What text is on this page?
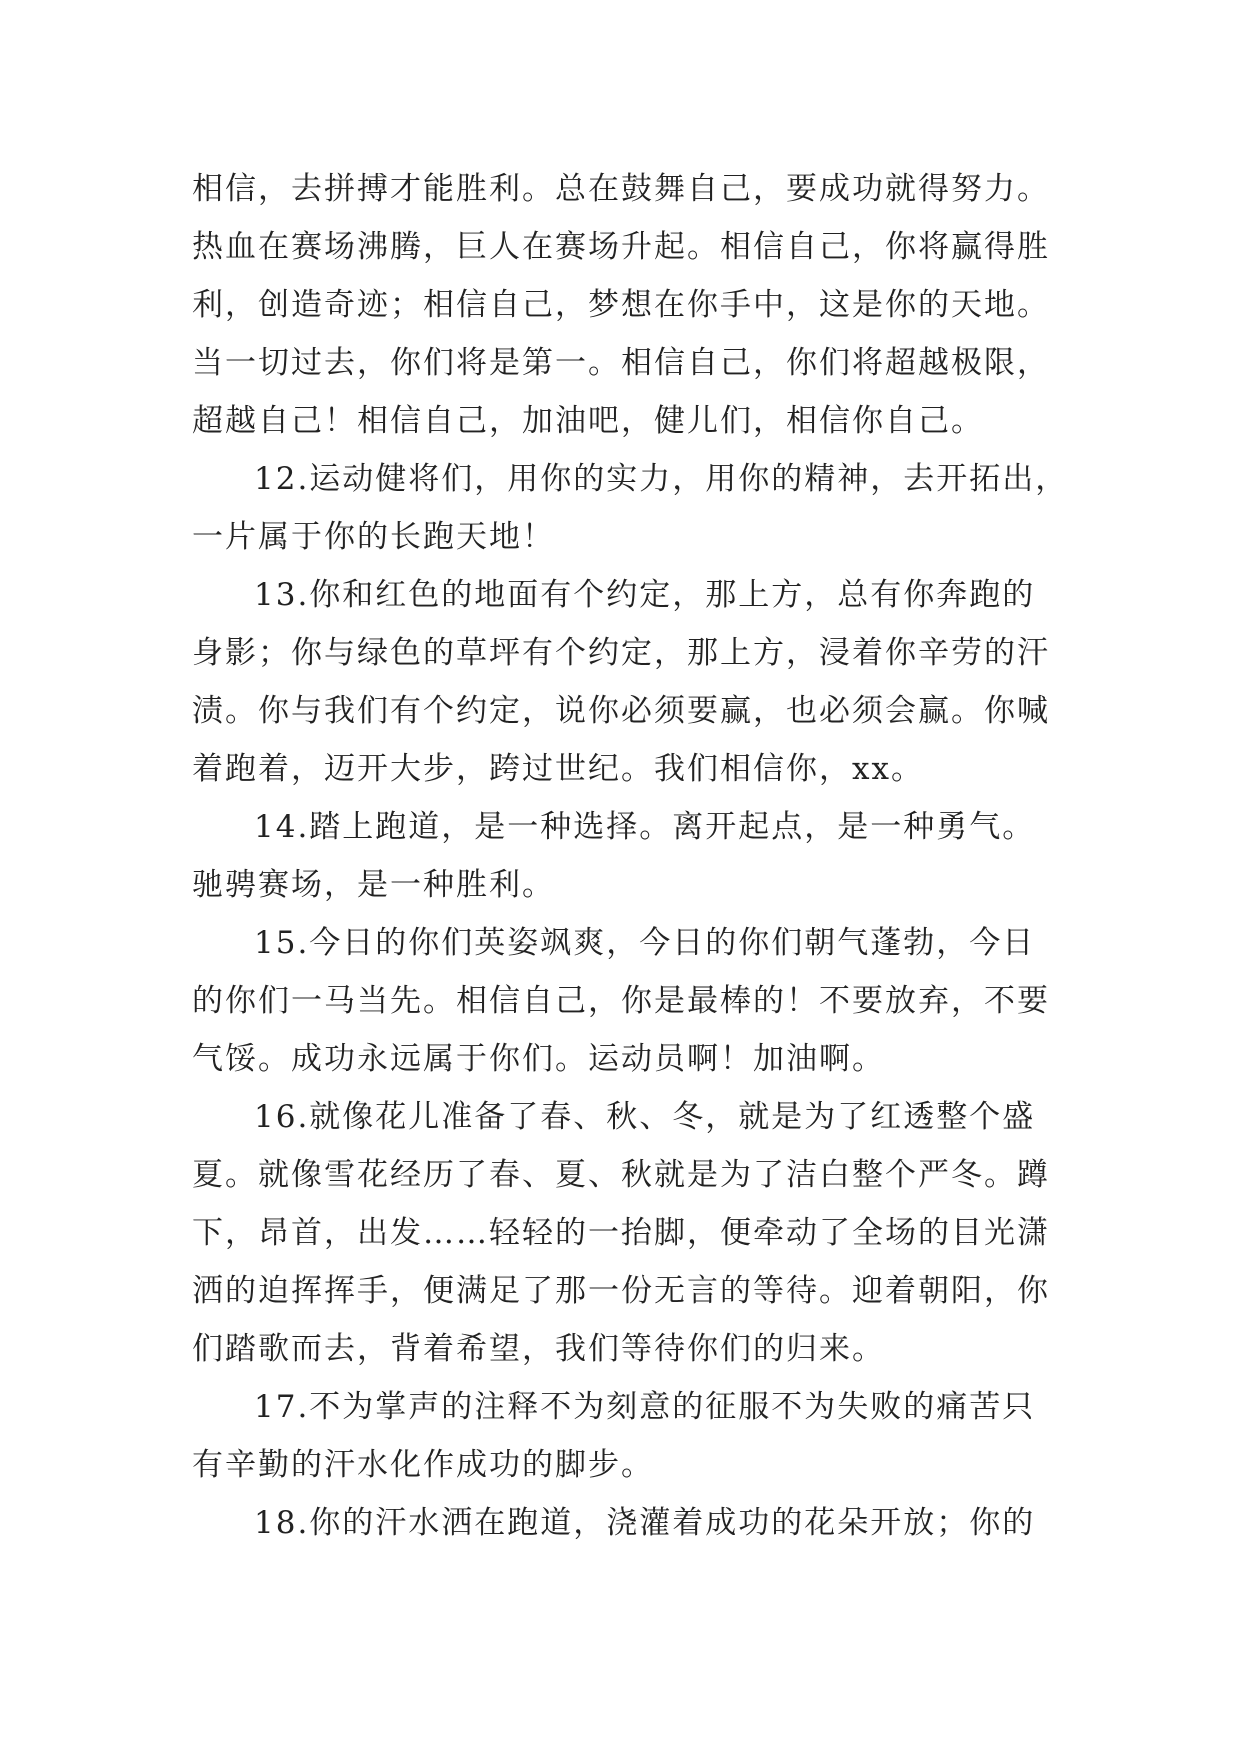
相信，去拼搏才能胜利。总在鼓舞自己，要成功就得努力。
热血在赛场沸腾，巨人在赛场升起。相信自己，你将赢得胜
利，创造奇迹；相信自己，梦想在你手中，这是你的天地。
当一切过去，你们将是第一。相信自己，你们将超越极限，
超越自己！相信自己，加油吧，健儿们，相信你自己。
12.运动健将们，用你的实力，用你的精神，去开拓出，
一片属于你的长跑天地！
13.你和红色的地面有个约定，那上方，总有你奔跑的
身影；你与绿色的草坪有个约定，那上方，浸着你辛劳的汗
渍。你与我们有个约定，说你必须要赢，也必须会赢。你喊
着跑着，迈开大步，跨过世纪。我们相信你，xx。
14.踏上跑道，是一种选择。离开起点，是一种勇气。
驰骋赛场，是一种胜利。
15.今日的你们英姿飒爽，今日的你们朝气蓬勃，今日
的你们一马当先。相信自己，你是最棒的！不要放弃，不要
气馁。成功永远属于你们。运动员啊！加油啊。
16.就像花儿准备了春、秋、冬，就是为了红透整个盛
夏。就像雪花经历了春、夏、秋就是为了洁白整个严冬。蹲
下，昂首，出发……轻轻的一抬脚，便牵动了全场的目光潇
洒的迫挥挥手，便满足了那一份无言的等待。迎着朝阳，你
们踏歌而去，背着希望，我们等待你们的归来。
17.不为掌声的注释不为刻意的征服不为失败的痛苦只
有辛勤的汗水化作成功的脚步。
18.你的汗水洒在跑道，浇灌着成功的花朵开放；你的
